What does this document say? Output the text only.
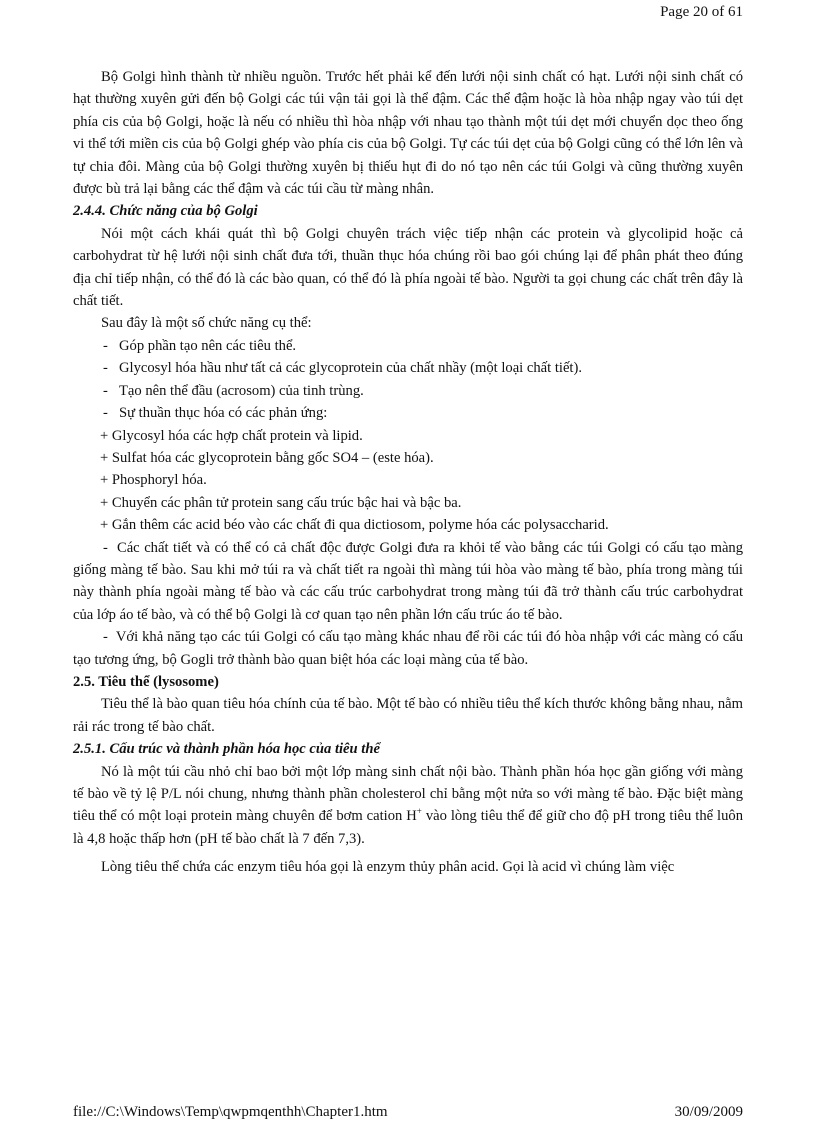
Page 20 of 61

Bộ Golgi hình thành từ nhiều nguồn. Trước hết phải kể đến lưới nội sinh chất có hạt. Lưới nội sinh chất có hạt thường xuyên gửi đến bộ Golgi các túi vận tải gọi là thể đậm. Các thể đậm hoặc là hòa nhập ngay vào túi dẹt phía cis của bộ Golgi, hoặc là nếu có nhiều thì hòa nhập với nhau tạo thành một túi dẹt mới chuyển dọc theo ống vi thể tới miền cis của bộ Golgi ghép vào phía cis của bộ Golgi. Tự các túi dẹt của bộ Golgi cũng có thể lớn lên và tự chia đôi. Màng của bộ Golgi thường xuyên bị thiếu hụt đi do nó tạo nên các túi Golgi và cũng thường xuyên được bù trả lại bằng các thể đậm và các túi cầu từ màng nhân.

2.4.4. Chức năng của bộ Golgi

Nói một cách khái quát thì bộ Golgi chuyên trách việc tiếp nhận các protein và glycolipid hoặc cả carbohydrat từ hệ lưới nội sinh chất đưa tới, thuần thục hóa chúng rồi bao gói chúng lại để phân phát theo đúng địa chỉ tiếp nhận, có thể đó là các bào quan, có thể đó là phía ngoài tế bào. Người ta gọi chung các chất trên đây là chất tiết.

Sau đây là một số chức năng cụ thể:

- Góp phần tạo nên các tiêu thể.

- Glycosyl hóa hầu như tất cả các glycoprotein của chất nhầy (một loại chất tiết).

- Tạo nên thể đầu (acrosom) của tinh trùng.

- Sự thuần thục hóa có các phản ứng:

+ Glycosyl hóa các hợp chất protein và lipid.

+ Sulfat hóa các glycoprotein bằng gốc SO4 – (este hóa).

+ Phosphoryl hóa.

+ Chuyển các phân tử protein sang cấu trúc bậc hai và bậc ba.

+ Gắn thêm các acid béo vào các chất đi qua dictiosom, polyme hóa các polysaccharid.

- Các chất tiết và có thể có cả chất độc được Golgi đưa ra khỏi tế vào bằng các túi Golgi có cấu tạo màng giống màng tế bào. Sau khi mở túi ra và chất tiết ra ngoài thì màng túi hòa vào màng tế bào, phía trong màng túi này thành phía ngoài màng tế bào và các cấu trúc carbohydrat trong màng túi đã trở thành cấu trúc carbohydrat của lớp áo tế bào, và có thể bộ Golgi là cơ quan tạo nên phần lớn cấu trúc áo tế bào.

- Với khả năng tạo các túi Golgi có cấu tạo màng khác nhau để rồi các túi đó hòa nhập với các màng có cấu tạo tương ứng, bộ Gogli trở thành bào quan biệt hóa các loại màng của tế bào.

2.5. Tiêu thể (lysosome)

Tiêu thể là bào quan tiêu hóa chính của tế bào. Một tế bào có nhiều tiêu thể kích thước không bằng nhau, nằm rải rác trong tế bào chất.

2.5.1. Cấu trúc và thành phần hóa học của tiêu thể

Nó là một túi cầu nhỏ chỉ bao bởi một lớp màng sinh chất nội bào. Thành phần hóa học gần giống với màng tế bào về tỷ lệ P/L nói chung, nhưng thành phần cholesterol chỉ bằng một nửa so với màng tế bào. Đặc biệt màng tiêu thể có một loại protein màng chuyên để bơm cation H+ vào lòng tiêu thể để giữ cho độ pH trong tiêu thể luôn là 4,8 hoặc thấp hơn (pH tế bào chất là 7 đến 7,3).

Lòng tiêu thể chứa các enzym tiêu hóa gọi là enzym thủy phân acid. Gọi là acid vì chúng làm việc

file://C:\Windows\Temp\qwpmqenthh\Chapter1.htm	30/09/2009
